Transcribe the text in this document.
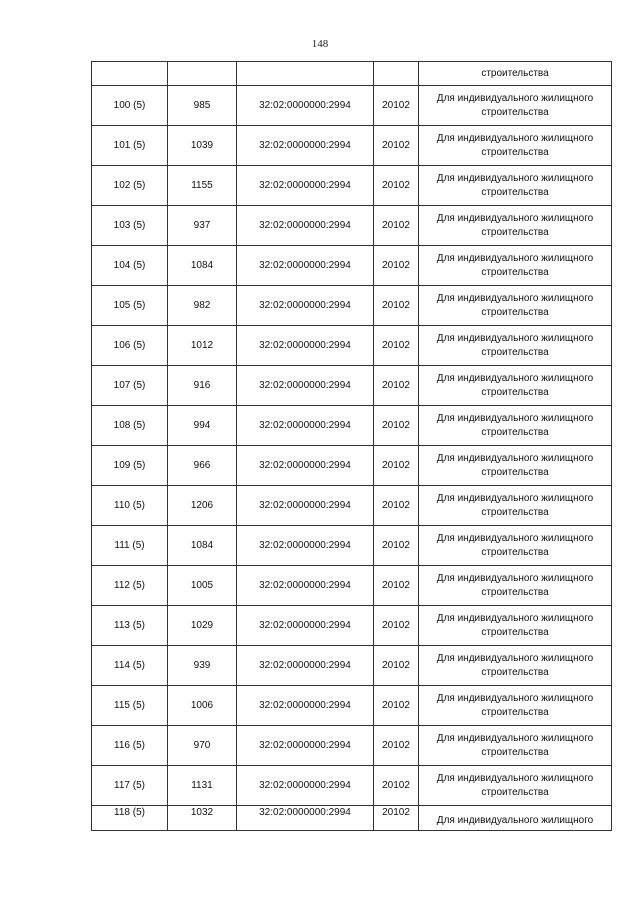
148
				строительства
100 (5)	985	32:02:0000000:2994	20102	Для индивидуального жилищного строительства
101 (5)	1039	32:02:0000000:2994	20102	Для индивидуального жилищного строительства
102 (5)	1155	32:02:0000000:2994	20102	Для индивидуального жилищного строительства
103 (5)	937	32:02:0000000:2994	20102	Для индивидуального жилищного строительства
104 (5)	1084	32:02:0000000:2994	20102	Для индивидуального жилищного строительства
105 (5)	982	32:02:0000000:2994	20102	Для индивидуального жилищного строительства
106 (5)	1012	32:02:0000000:2994	20102	Для индивидуального жилищного строительства
107 (5)	916	32:02:0000000:2994	20102	Для индивидуального жилищного строительства
108 (5)	994	32:02:0000000:2994	20102	Для индивидуального жилищного строительства
109 (5)	966	32:02:0000000:2994	20102	Для индивидуального жилищного строительства
110 (5)	1206	32:02:0000000:2994	20102	Для индивидуального жилищного строительства
111 (5)	1084	32:02:0000000:2994	20102	Для индивидуального жилищного строительства
112 (5)	1005	32:02:0000000:2994	20102	Для индивидуального жилищного строительства
113 (5)	1029	32:02:0000000:2994	20102	Для индивидуального жилищного строительства
114 (5)	939	32:02:0000000:2994	20102	Для индивидуального жилищного строительства
115 (5)	1006	32:02:0000000:2994	20102	Для индивидуального жилищного строительства
116 (5)	970	32:02:0000000:2994	20102	Для индивидуального жилищного строительства
117 (5)	1131	32:02:0000000:2994	20102	Для индивидуального жилищного строительства
118 (5)	1032	32:02:0000000:2994	20102	Для индивидуального жилищного
